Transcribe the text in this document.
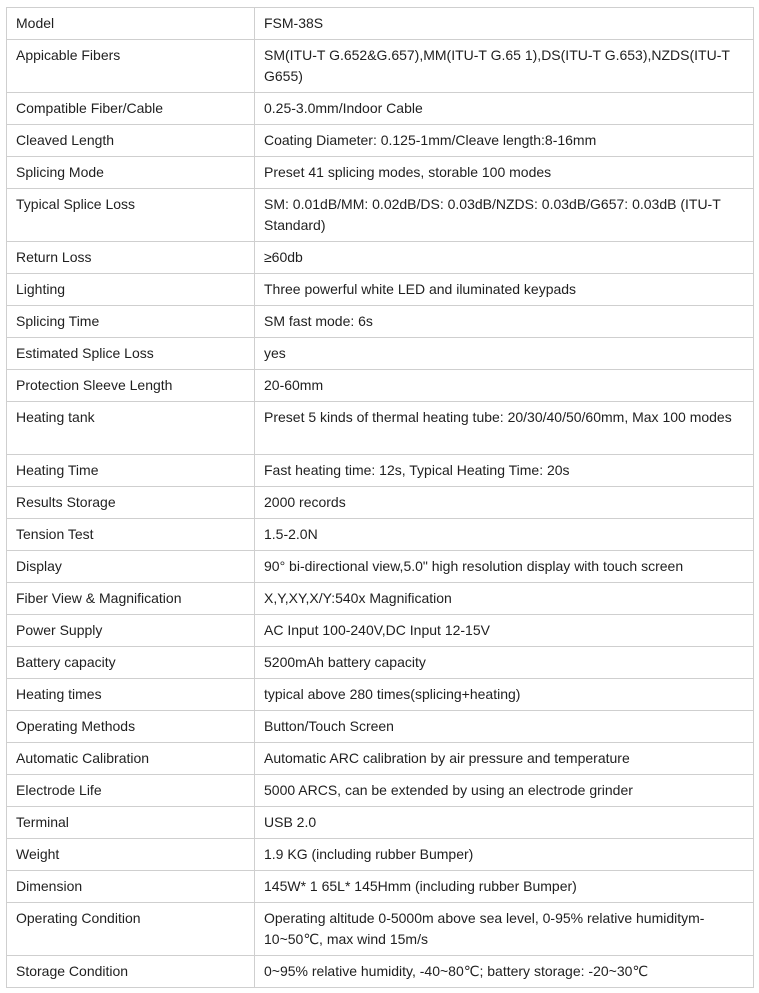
Model	FSM-38S
Appicable Fibers	SM(ITU-T G.652&G.657),MM(ITU-T G.65 1),DS(ITU-T G.653),NZDS(ITU-T G655)
Compatible Fiber/Cable	0.25-3.0mm/Indoor Cable
Cleaved Length	Coating Diameter: 0.125-1mm/Cleave length:8-16mm
Splicing Mode	Preset 41 splicing modes, storable 100 modes
Typical Splice Loss	SM: 0.01dB/MM: 0.02dB/DS: 0.03dB/NZDS: 0.03dB/G657: 0.03dB (ITU-T Standard)
Return Loss	≥60db
Lighting	Three powerful white LED and iluminated keypads
Splicing Time	SM fast mode: 6s
Estimated Splice Loss	yes
Protection Sleeve Length	20-60mm
Heating tank	Preset 5 kinds of thermal heating tube: 20/30/40/50/60mm, Max 100 modes
Heating Time	Fast heating time: 12s, Typical Heating Time: 20s
Results Storage	2000 records
Tension Test	1.5-2.0N
Display	90° bi-directional view,5.0" high resolution display with touch screen
Fiber View & Magnification	X,Y,XY,X/Y:540x Magnification
Power Supply	AC Input 100-240V,DC Input 12-15V
Battery capacity	5200mAh battery capacity
Heating times	typical above 280 times(splicing+heating)
Operating Methods	Button/Touch Screen
Automatic Calibration	Automatic ARC calibration by air pressure and temperature
Electrode Life	5000 ARCS, can be extended by using an electrode grinder
Terminal	USB 2.0
Weight	1.9 KG (including rubber Bumper)
Dimension	145W* 1 65L* 145Hmm (including rubber Bumper)
Operating Condition	Operating altitude 0-5000m above sea level, 0-95% relative humiditym-10~50℃, max wind 15m/s
Storage Condition	0~95% relative humidity, -40~80℃; battery storage: -20~30℃
